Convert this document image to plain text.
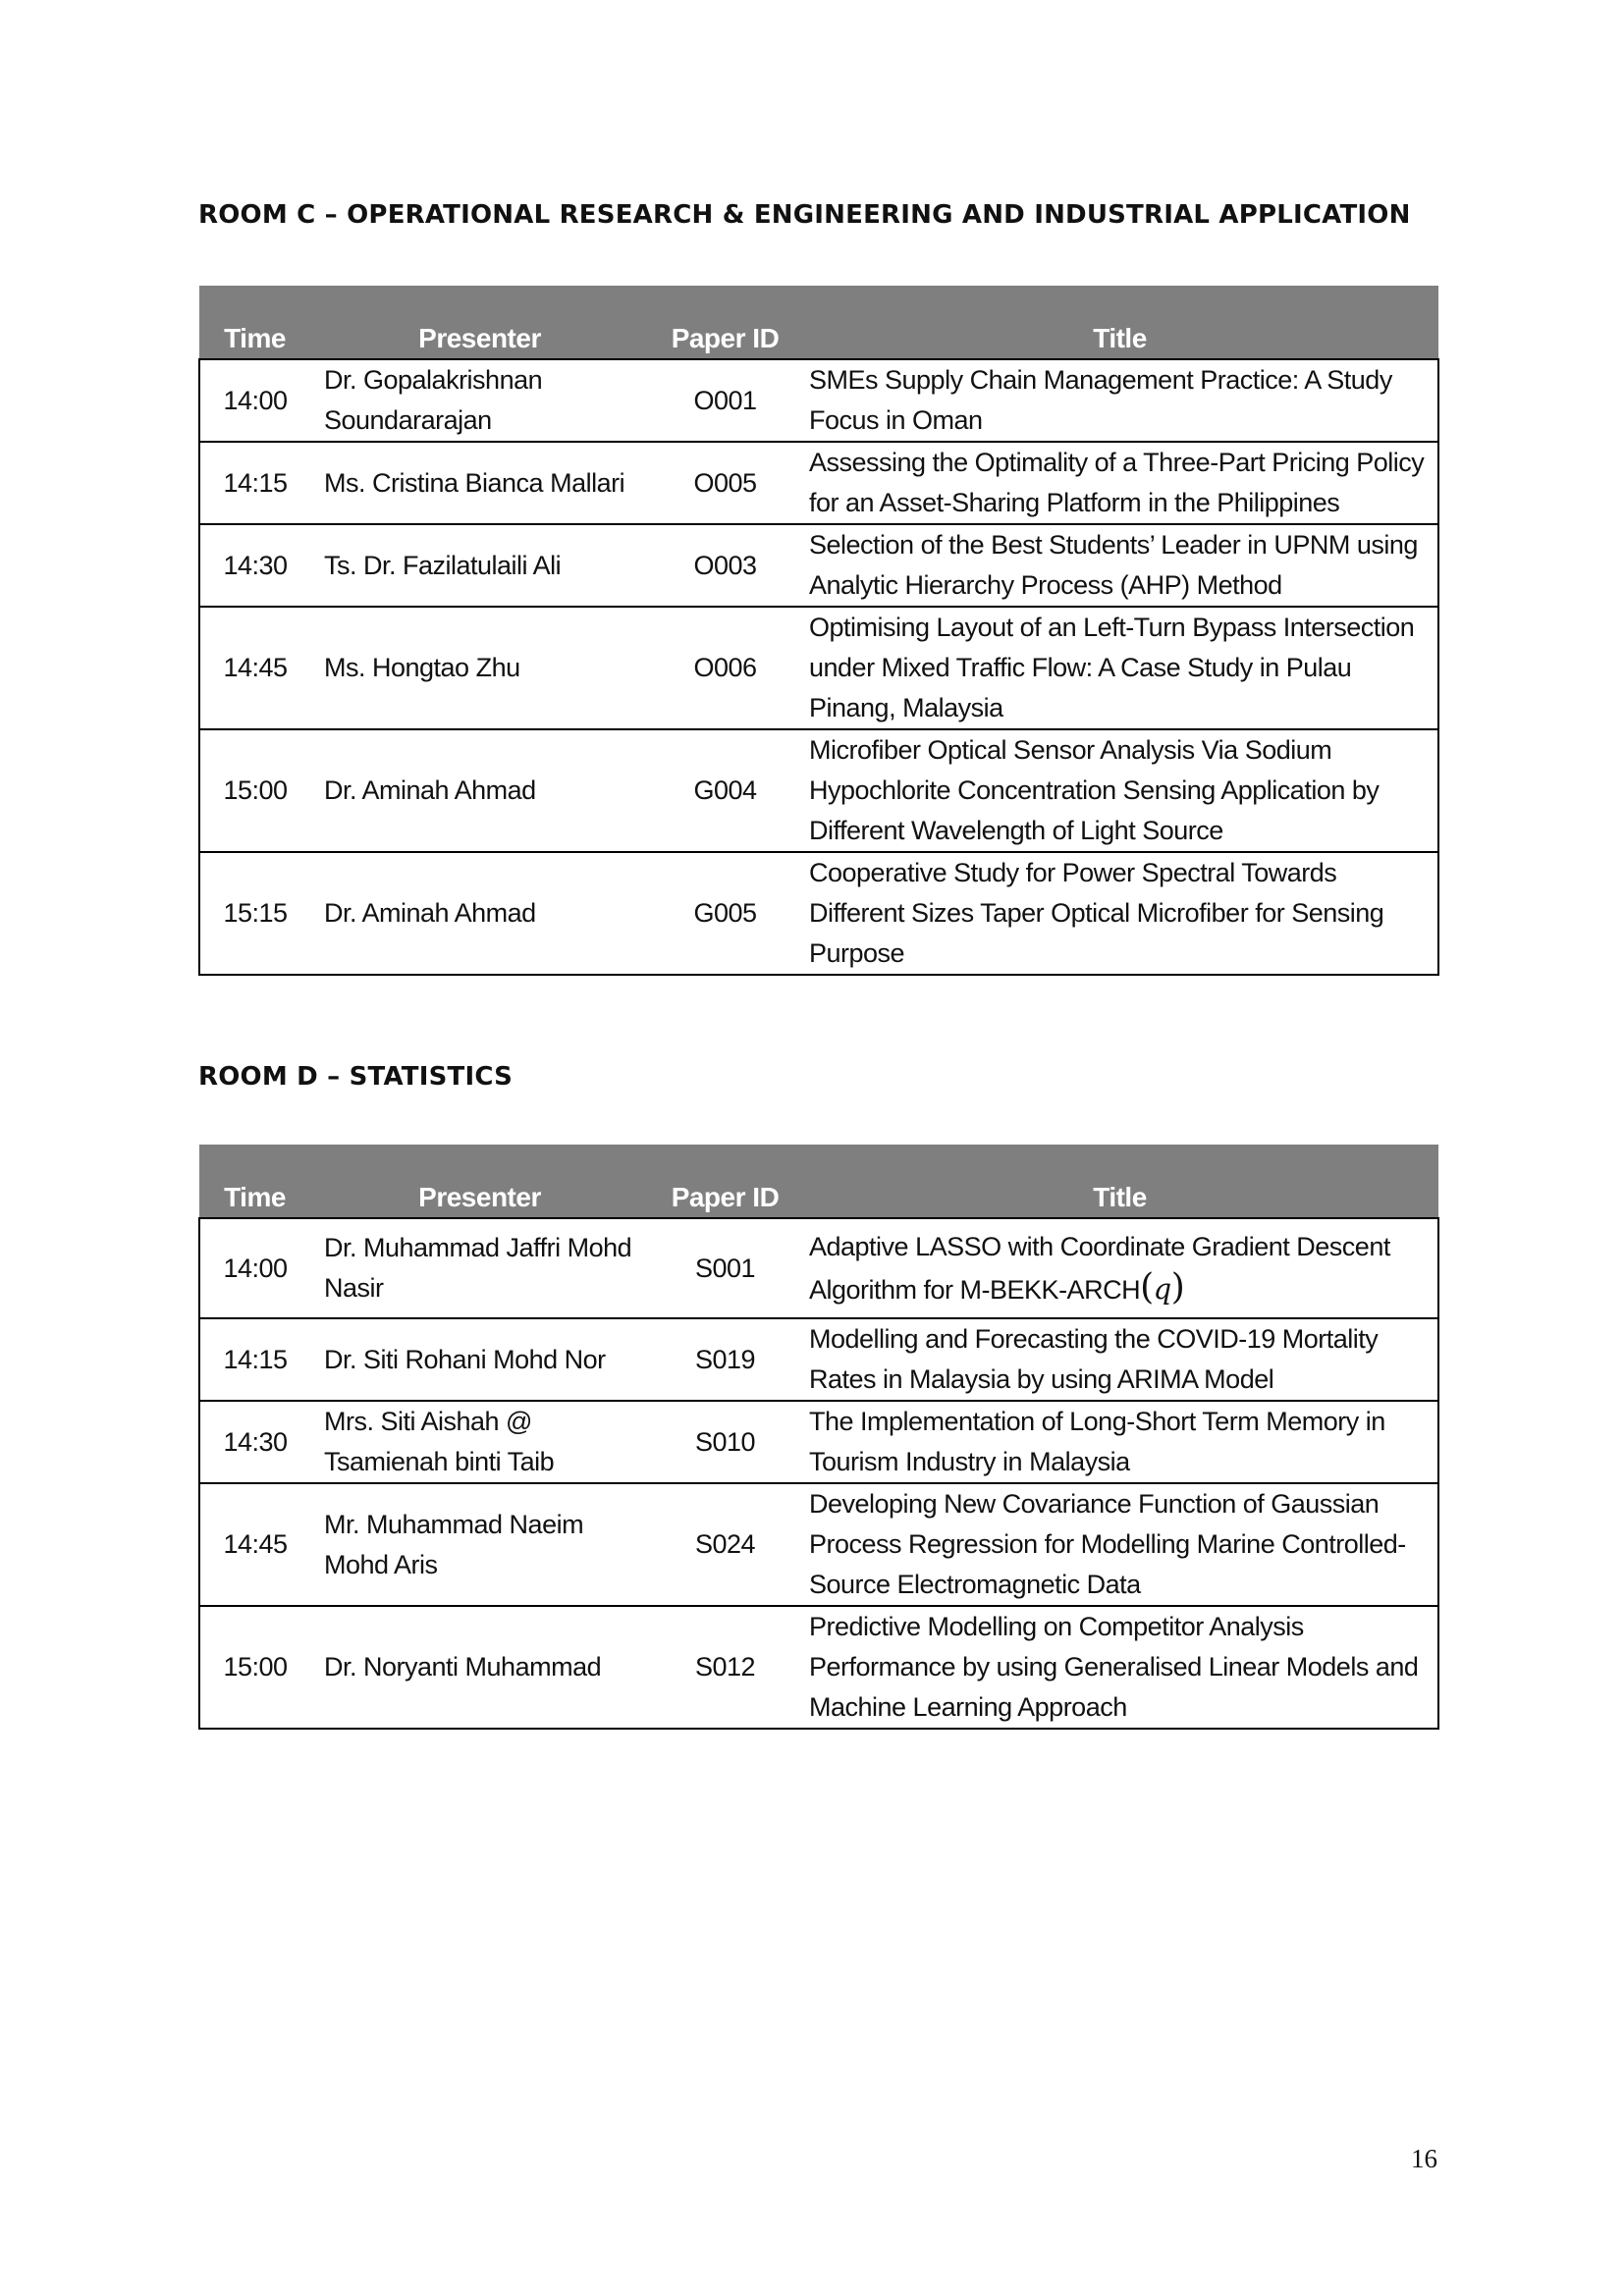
ROOM C – OPERATIONAL RESEARCH & ENGINEERING AND INDUSTRIAL APPLICATION
Time	Presenter	Paper ID	Title
14:00	Dr. Gopalakrishnan Soundararajan	O001	SMEs Supply Chain Management Practice: A Study Focus in Oman
14:15	Ms. Cristina Bianca Mallari	O005	Assessing the Optimality of a Three-Part Pricing Policy for an Asset-Sharing Platform in the Philippines
14:30	Ts. Dr. Fazilatulaili Ali	O003	Selection of the Best Students’ Leader in UPNM using Analytic Hierarchy Process (AHP) Method
14:45	Ms. Hongtao Zhu	O006	Optimising Layout of an Left-Turn Bypass Intersection under Mixed Traffic Flow: A Case Study in Pulau Pinang, Malaysia
15:00	Dr. Aminah Ahmad	G004	Microfiber Optical Sensor Analysis Via Sodium Hypochlorite Concentration Sensing Application by Different Wavelength of Light Source
15:15	Dr. Aminah Ahmad	G005	Cooperative Study for Power Spectral Towards Different Sizes Taper Optical Microfiber for Sensing Purpose
ROOM D – STATISTICS
Time	Presenter	Paper ID	Title
14:00	Dr. Muhammad Jaffri Mohd Nasir	S001	Adaptive LASSO with Coordinate Gradient Descent Algorithm for M-BEKK-ARCH(q)
14:15	Dr. Siti Rohani Mohd Nor	S019	Modelling and Forecasting the COVID-19 Mortality Rates in Malaysia by using ARIMA Model
14:30	Mrs. Siti Aishah @ Tsamienah binti Taib	S010	The Implementation of Long-Short Term Memory in Tourism Industry in Malaysia
14:45	Mr. Muhammad Naeim Mohd Aris	S024	Developing New Covariance Function of Gaussian Process Regression for Modelling Marine Controlled-Source Electromagnetic Data
15:00	Dr. Noryanti Muhammad	S012	Predictive Modelling on Competitor Analysis Performance by using Generalised Linear Models and Machine Learning Approach
16
